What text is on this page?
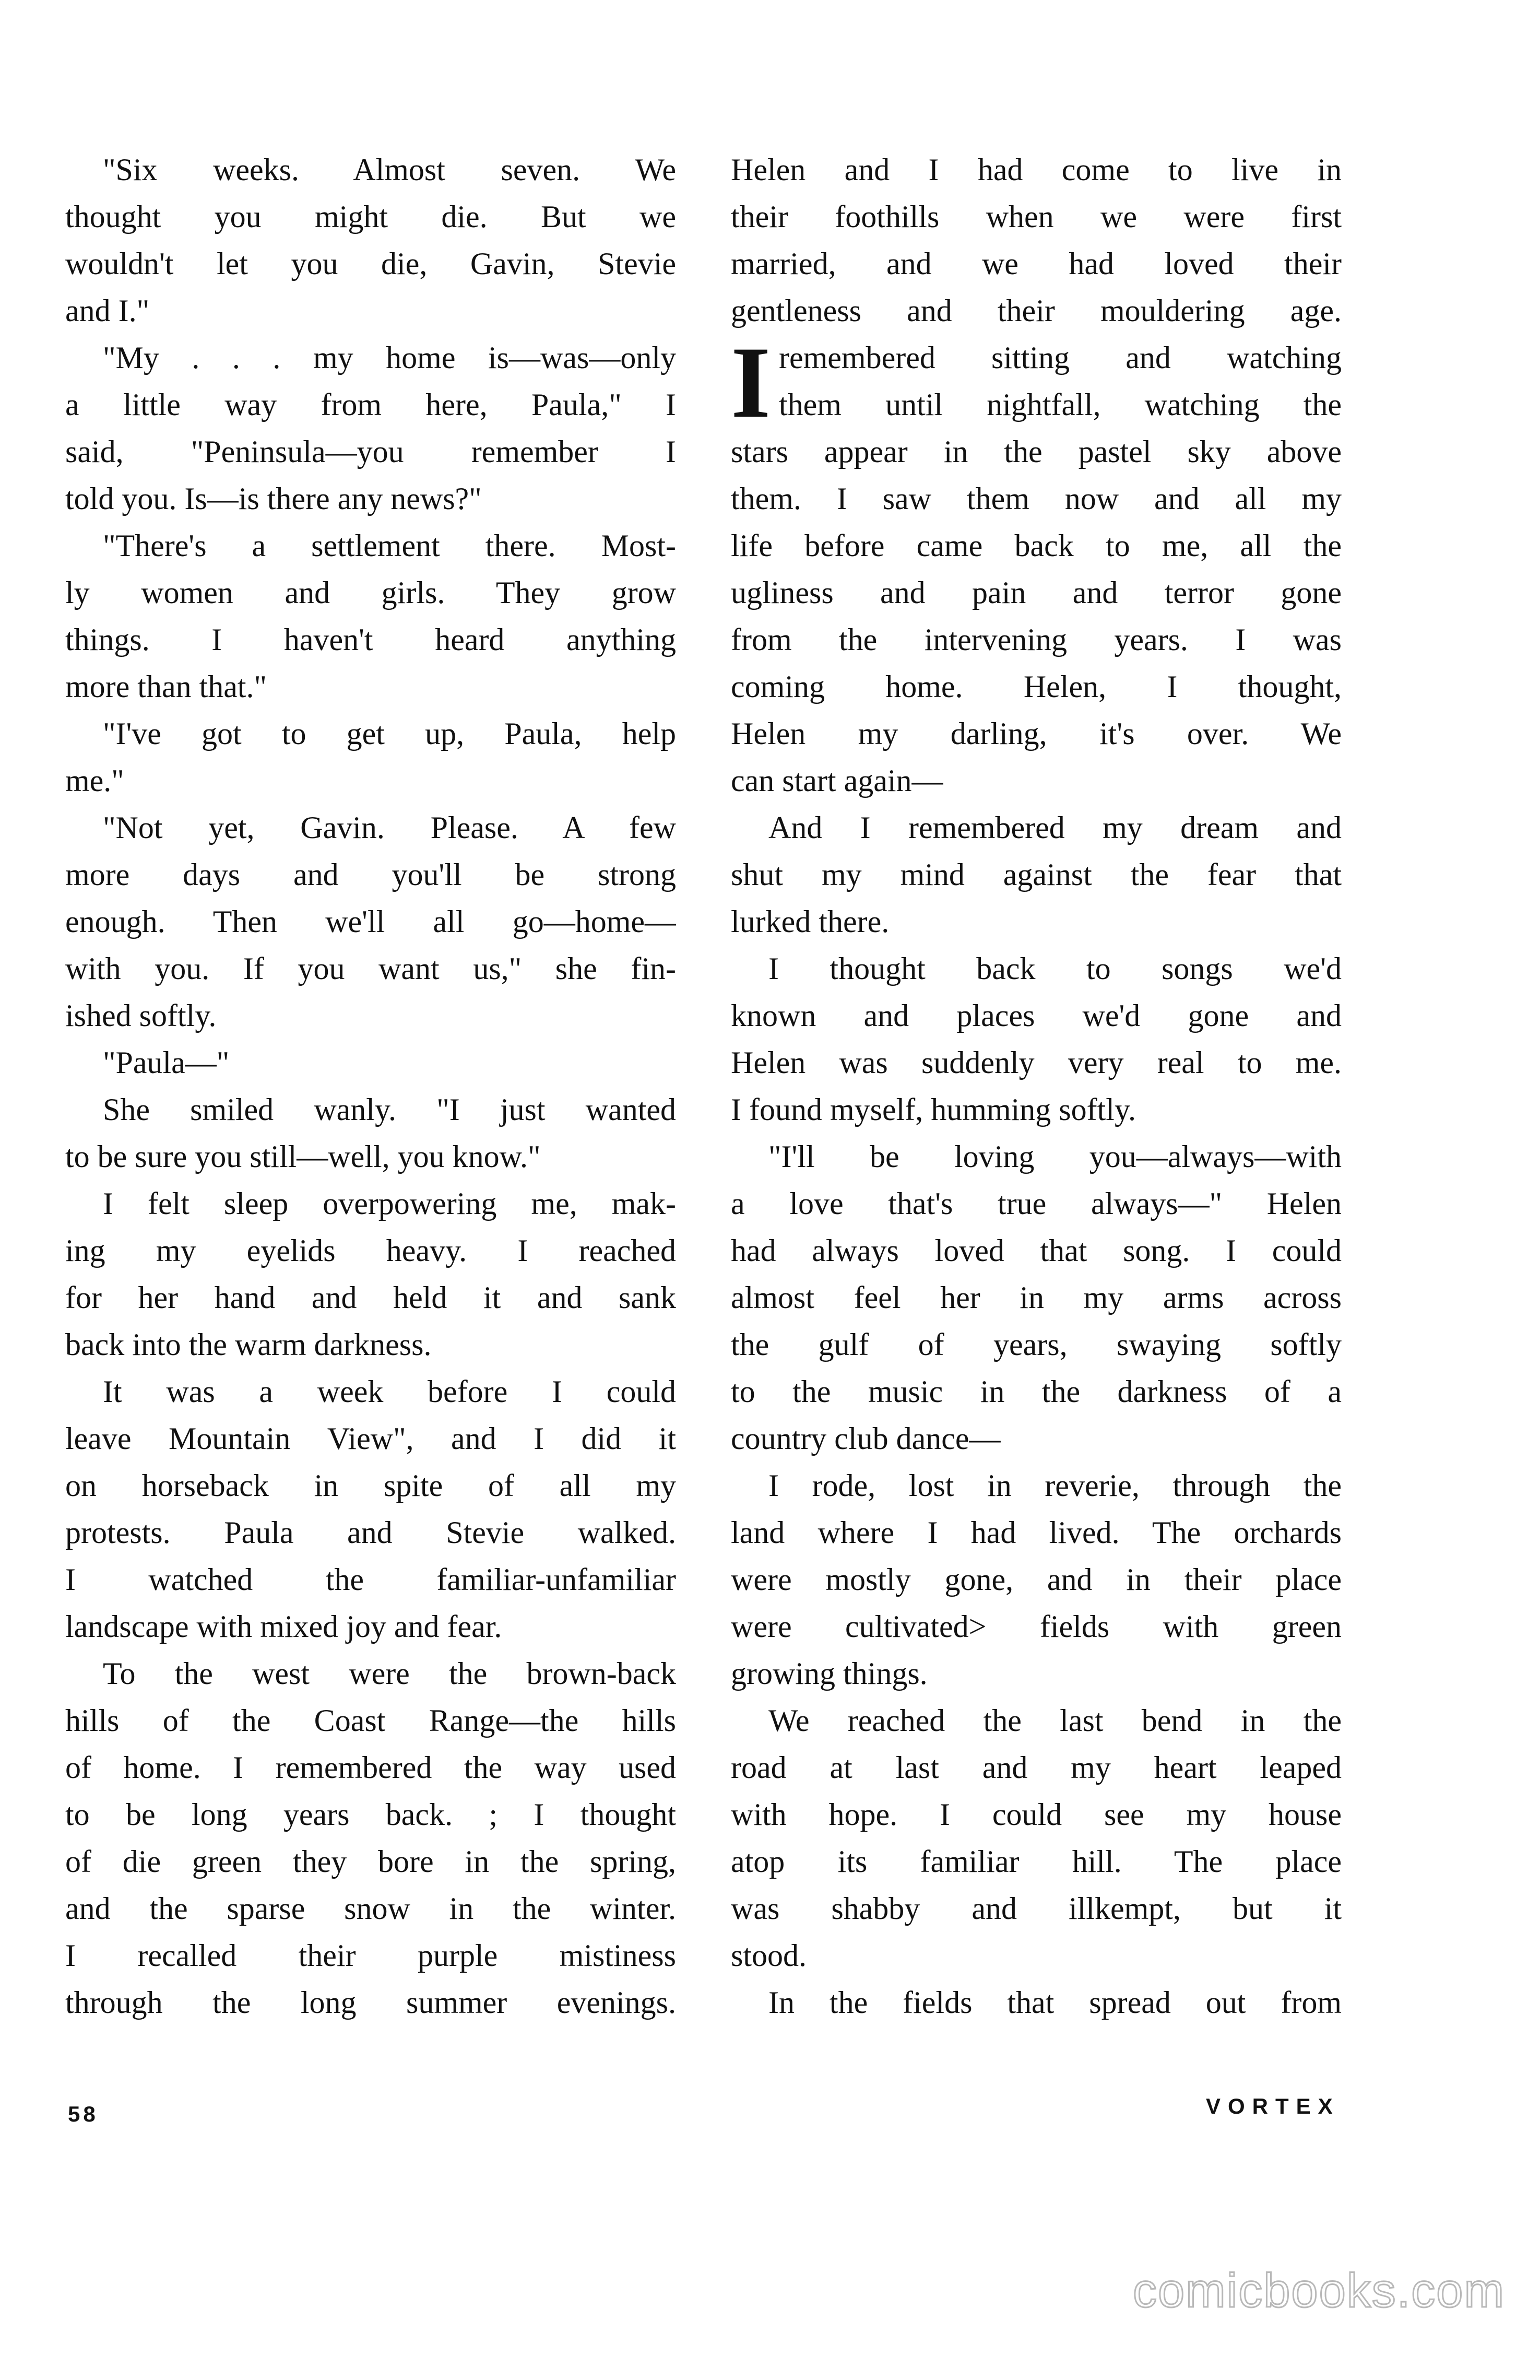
"Six weeks. Almost seven. We
thought you might die. But we
wouldn't let you die, Gavin, Stevie
and I."
"My . . . my home is—was—only
a little way from here, Paula," I
said, "Peninsula—you remember I
told you. Is—is there any news?"
"There's a settlement there. Most-
ly women and girls. They grow
things. I haven't heard anything
more than that."
"I've got to get up, Paula, help
me."
"Not yet, Gavin. Please. A few
more days and you'll be strong
enough. Then we'll all go—home—
with you. If you want us," she fin-
ished softly.
"Paula—"
She smiled wanly. "I just wanted
to be sure you still—well, you know."
I felt sleep overpowering me, mak-
ing my eyelids heavy. I reached
for her hand and held it and sank
back into the warm darkness.
It was a week before I could
leave Mountain View", and I did it
on horseback in spite of all my
protests. Paula and Stevie walked.
I watched the familiar-unfamiliar
landscape with mixed joy and fear.
To the west were the brown-back
hills of the Coast Range—the hills
of home. I remembered the way used
to be long years back. ; I thought
of die green they bore in the spring,
and the sparse snow in the winter.
I recalled their purple mistiness
through the long summer evenings.
Helen and I had come to live in
their foothills when we were first
married, and we had loved their
gentleness and their mouldering age.
I remembered sitting and watching
them until nightfall, watching the
stars appear in the pastel sky above
them. I saw them now and all my
life before came back to me, all the
ugliness and pain and terror gone
from the intervening years. I was
coming home. Helen, I thought,
Helen my darling, it's over. We
can start again—
And I remembered my dream and
shut my mind against the fear that
lurked there.
I thought back to songs we'd
known and places we'd gone and
Helen was suddenly very real to me.
I found myself, humming softly.
"I'll be loving you—always—with
a love that's true always—" Helen
had always loved that song. I could
almost feel her in my arms across
the gulf of years, swaying softly
to the music in the darkness of a
country club dance—
I rode, lost in reverie, through the
land where I had lived. The orchards
were mostly gone, and in their place
were cultivated> fields with green
growing things.
We reached the last bend in the
road at last and my heart leaped
with hope. I could see my house
atop its familiar hill. The place
was shabby and illkempt, but it
stood.
In the fields that spread out from
58	VORTEX
comicbooks.com
